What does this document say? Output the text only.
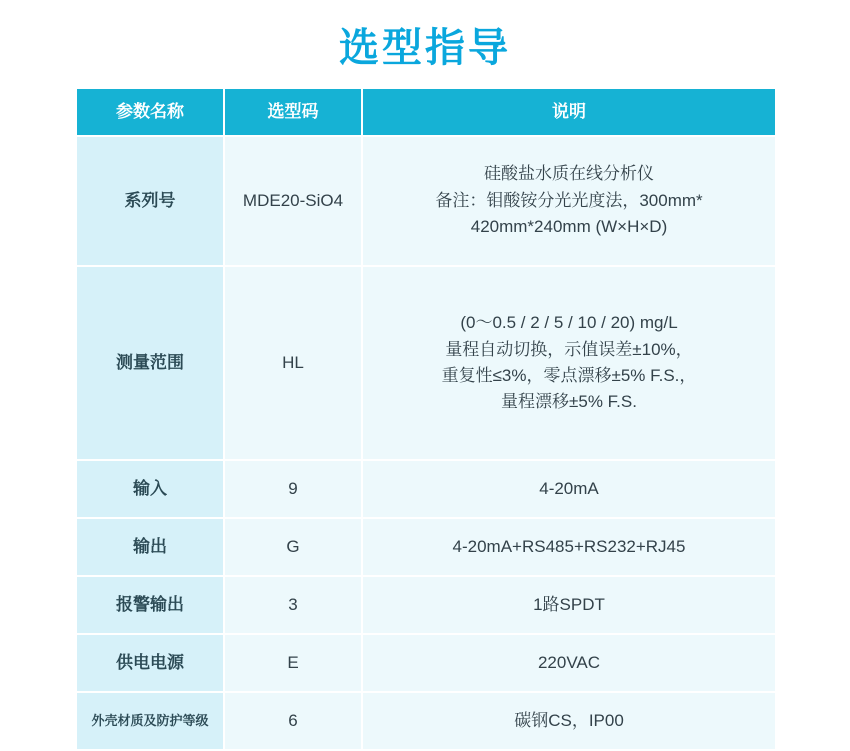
选型指导
参数名称	选型码	说明
系列号	MDE20-SiO4	硅酸盐水质在线分析仪
备注：钼酸铵分光光度法，300mm*
420mm*240mm (W×H×D)

测量范围	HL	(0～0.5 / 2 / 5 / 10 / 20) mg/L
量程自动切换，示值误差±10%，
重复性≤3%，零点漂移±5% F.S.，
量程漂移±5% F.S.

输入	9	4-20mA
输出	G	4-20mA+RS485+RS232+RJ45
报警输出	3	1路SPDT
供电电源	E	220VAC
外壳材质及防护等级	6	碳钢CS，IP00
